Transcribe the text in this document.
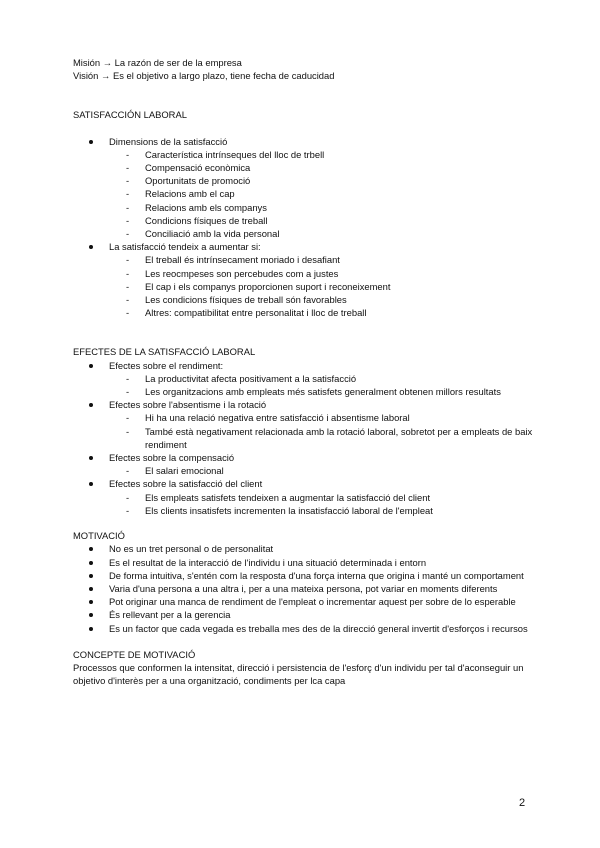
Misión → La razón de ser de la empresa
Visión → Es el objetivo a largo plazo, tiene fecha de caducidad
SATISFACCIÓN LABORAL
Dimensions de la satisfacció
- Característica intrínseques del lloc de trbell
- Compensació econòmica
- Oportunitats de promoció
- Relacions amb el cap
- Relacions amb els companys
- Condicions físiques de treball
- Conciliació amb la vida personal
La satisfacció tendeix a aumentar si:
- El treball és intrínsecament moriado i desafiant
- Les reocmpeses son percebudes com a justes
- El cap i els companys proporcionen suport i reconeixement
- Les condicions físiques de treball són favorables
- Altres: compatibilitat entre personalitat i lloc de treball
EFECTES DE LA SATISFACCIÓ LABORAL
Efectes sobre el rendiment:
- La productivitat afecta positivament a la satisfacció
- Les organitzacions amb empleats més satisfets generalment obtenen millors resultats
Efectes sobre l'absentisme i la rotació
- Hi ha una relació negativa entre satisfacció i absentisme laboral
- També està negativament relacionada amb la rotació laboral, sobretot per a empleats de baix rendiment
Efectes sobre la compensació
- El salari emocional
Efectes sobre la satisfacció del client
- Els empleats satisfets tendeixen a augmentar la satisfacció del client
- Els clients insatisfets incrementen la insatisfacció laboral de l'empleat
MOTIVACIÓ
No es un tret personal o de personalitat
Es el resultat de la interacció de l'individu i una situació determinada i entorn
De forma intuitiva, s'entén com la resposta d'una força interna que origina i manté un comportament
Varia d'una persona a una altra i, per a una mateixa persona, pot variar en moments diferents
Pot originar una manca de rendiment de l'empleat o incrementar aquest per sobre de lo esperable
És rellevant per a la gerencia
Es un factor que cada vegada es treballa mes des de la direcció general invertit d'esforços i recursos
CONCEPTE DE MOTIVACIÓ
Processos que conformen la intensitat, direcció i persistencia de l'esforç d'un individu per tal d'aconseguir un objetivo d'interès per a una organització, condiments per lca capa
2
